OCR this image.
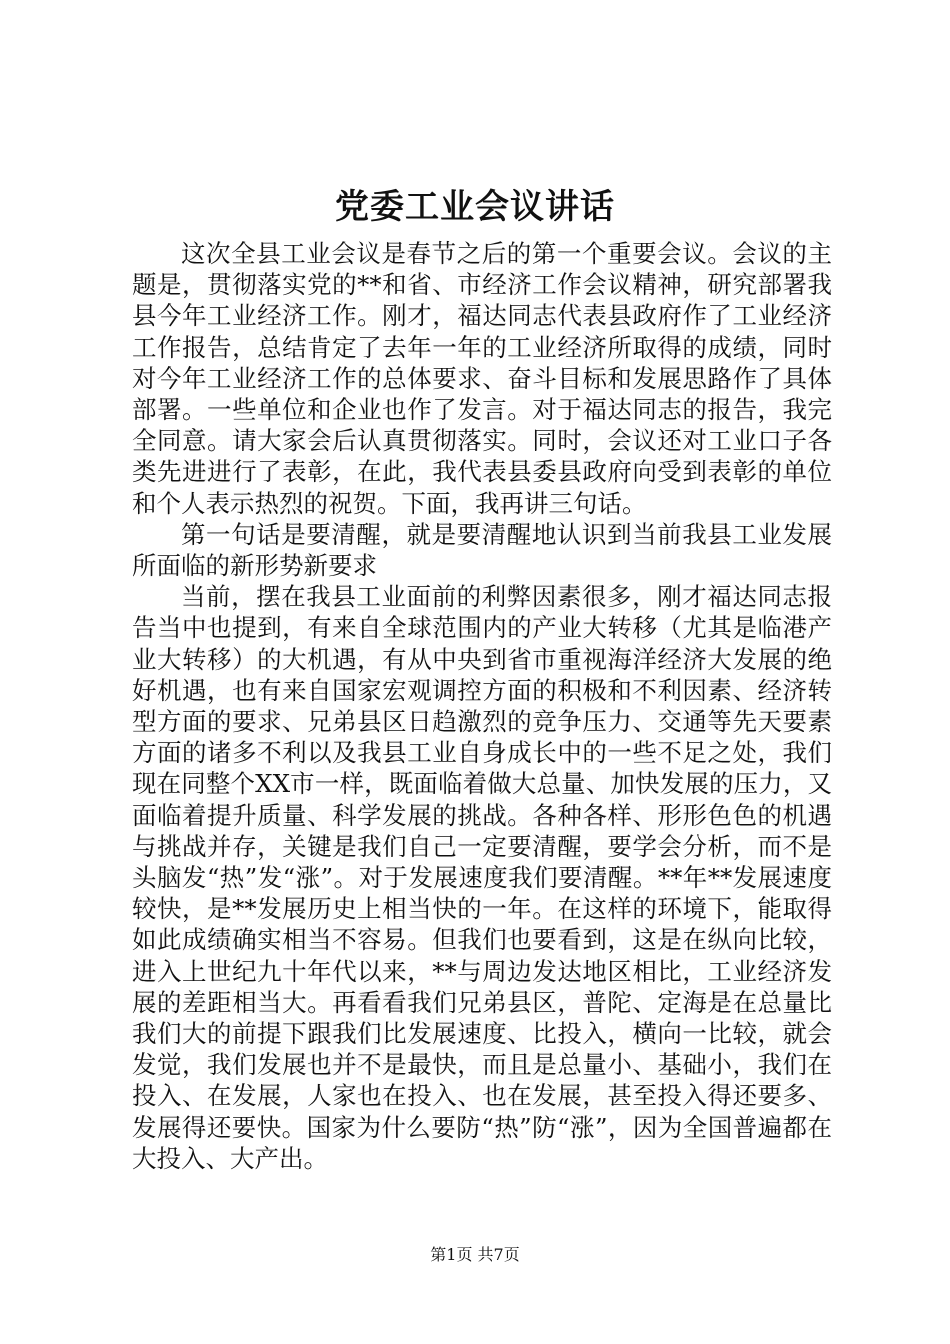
党委工业会议讲话

这次全县工业会议是春节之后的第一个重要会议。会议的主题是，贯彻落实党的**和省、市经济工作会议精神，研究部署我县今年工业经济工作。刚才，福达同志代表县政府作了工业经济工作报告，总结肯定了去年一年的工业经济所取得的成绩，同时对今年工业经济工作的总体要求、奋斗目标和发展思路作了具体部署。一些单位和企业也作了发言。对于福达同志的报告，我完全同意。请大家会后认真贯彻落实。同时，会议还对工业口子各类先进进行了表彰，在此，我代表县委县政府向受到表彰的单位和个人表示热烈的祝贺。下面，我再讲三句话。

第一句话是要清醒，就是要清醒地认识到当前我县工业发展所面临的新形势新要求

当前，摆在我县工业面前的利弊因素很多，刚才福达同志报告当中也提到，有来自全球范围内的产业大转移（尤其是临港产业大转移）的大机遇，有从中央到省市重视海洋经济大发展的绝好机遇，也有来自国家宏观调控方面的积极和不利因素、经济转型方面的要求、兄弟县区日趋激烈的竞争压力、交通等先天要素方面的诸多不利以及我县工业自身成长中的一些不足之处，我们现在同整个XX市一样，既面临着做大总量、加快发展的压力，又面临着提升质量、科学发展的挑战。各种各样、形形色色的机遇与挑战并存，关键是我们自己一定要清醒，要学会分析，而不是头脑发“热”发“涨”。对于发展速度我们要清醒。**年**发展速度较快，是**发展历史上相当快的一年。在这样的环境下，能取得如此成绩确实相当不容易。但我们也要看到，这是在纵向比较，进入上世纪九十年代以来，**与周边发达地区相比，工业经济发展的差距相当大。再看看我们兄弟县区，普陀、定海是在总量比我们大的前提下跟我们比发展速度、比投入，横向一比较，就会发觉，我们发展也并不是最快，而且是总量小、基础小，我们在投入、在发展，人家也在投入、也在发展，甚至投入得还要多、发展得还要快。国家为什么要防“热”防“涨”，因为全国普遍都在大投入、大产出。

第1页 共7页
